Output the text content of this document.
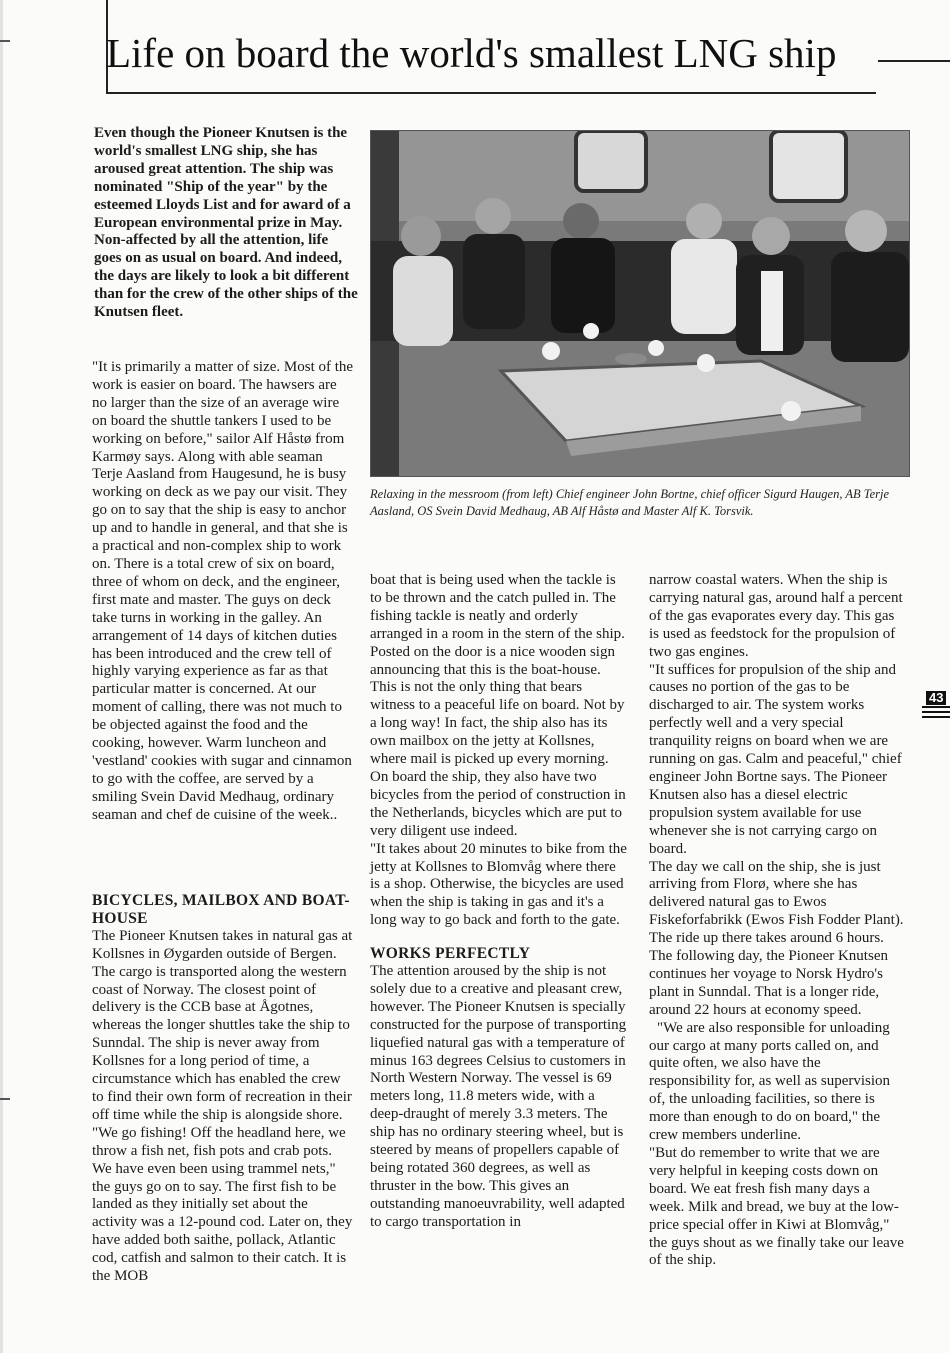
Life on board the world's smallest LNG ship

Even though the Pioneer Knutsen is the world's smallest LNG ship, she has aroused great attention. The ship was nominated "Ship of the year" by the esteemed Lloyds List and for award of a European environmental prize in May. Non-affected by all the attention, life goes on as usual on board. And indeed, the days are likely to look a bit different than for the crew of the other ships of the Knutsen fleet.

"It is primarily a matter of size. Most of the work is easier on board. The hawsers are no larger than the size of an average wire on board the shuttle tankers I used to be working on before," sailor Alf Håstø from Karmøy says. Along with able seaman Terje Aasland from Haugesund, he is busy working on deck as we pay our visit. They go on to say that the ship is easy to anchor up and to handle in general, and that she is a practical and non-complex ship to work on. There is a total crew of six on board, three of whom on deck, and the engineer, first mate and master. The guys on deck take turns in working in the galley. An arrangement of 14 days of kitchen duties has been introduced and the crew tell of highly varying experience as far as that particular matter is concerned. At our moment of calling, there was not much to be objected against the food and the cooking, however. Warm luncheon and 'vestland' cookies with sugar and cinnamon to go with the coffee, are served by a smiling Svein David Medhaug, ordinary seaman and chef de cuisine of the week..

BICYCLES, MAILBOX AND BOAT-HOUSE

The Pioneer Knutsen takes in natural gas at Kollsnes in Øygarden outside of Bergen. The cargo is transported along the western coast of Norway. The closest point of delivery is the CCB base at Ågotnes, whereas the longer shuttles take the ship to Sunndal. The ship is never away from Kollsnes for a long period of time, a circumstance which has enabled the crew to find their own form of recreation in their off time while the ship is alongside shore.

"We go fishing! Off the headland here, we throw a fish net, fish pots and crab pots. We have even been using trammel nets," the guys go on to say. The first fish to be landed as they initially set about the activity was a 12-pound cod. Later on, they have added both saithe, pollack, Atlantic cod, catfish and salmon to their catch. It is the MOB

Relaxing in the messroom (from left) Chief engineer John Bortne, chief officer Sigurd Haugen, AB Terje Aasland, OS Svein David Medhaug, AB Alf Håstø and Master Alf K. Torsvik.

boat that is being used when the tackle is to be thrown and the catch pulled in. The fishing tackle is neatly and orderly arranged in a room in the stern of the ship. Posted on the door is a nice wooden sign announcing that this is the boat-house.

This is not the only thing that bears witness to a peaceful life on board. Not by a long way! In fact, the ship also has its own mailbox on the jetty at Kollsnes, where mail is picked up every morning. On board the ship, they also have two bicycles from the period of construction in the Netherlands, bicycles which are put to very diligent use indeed.

"It takes about 20 minutes to bike from the jetty at Kollsnes to Blomvåg where there is a shop. Otherwise, the bicycles are used when the ship is taking in gas and it's a long way to go back and forth to the gate.

WORKS PERFECTLY

The attention aroused by the ship is not solely due to a creative and pleasant crew, however. The Pioneer Knutsen is specially constructed for the purpose of transporting liquefied natural gas with a temperature of minus 163 degrees Celsius to customers in North Western Norway. The vessel is 69 meters long, 11.8 meters wide, with a deep-draught of merely 3.3 meters. The ship has no ordinary steering wheel, but is steered by means of propellers capable of being rotated 360 degrees, as well as thruster in the bow. This gives an outstanding manoeuvrability, well adapted to cargo transportation in

narrow coastal waters. When the ship is carrying natural gas, around half a percent of the gas evaporates every day. This gas is used as feedstock for the propulsion of two gas engines.

"It suffices for propulsion of the ship and causes no portion of the gas to be discharged to air. The system works perfectly well and a very special tranquility reigns on board when we are running on gas. Calm and peaceful," chief engineer John Bortne says. The Pioneer Knutsen also has a diesel electric propulsion system available for use whenever she is not carrying cargo on board.

The day we call on the ship, she is just arriving from Florø, where she has delivered natural gas to Ewos Fiskeforfabrikk (Ewos Fish Fodder Plant). The ride up there takes around 6 hours. The following day, the Pioneer Knutsen continues her voyage to Norsk Hydro's plant in Sunndal. That is a longer ride, around 22 hours at economy speed.

"We are also responsible for unloading our cargo at many ports called on, and quite often, we also have the responsibility for, as well as supervision of, the unloading facilities, so there is more than enough to do on board," the crew members underline.

"But do remember to write that we are very helpful in keeping costs down on board. We eat fresh fish many days a week. Milk and bread, we buy at the low-price special offer in Kiwi at Blomvåg," the guys shout as we finally take our leave of the ship.

43
